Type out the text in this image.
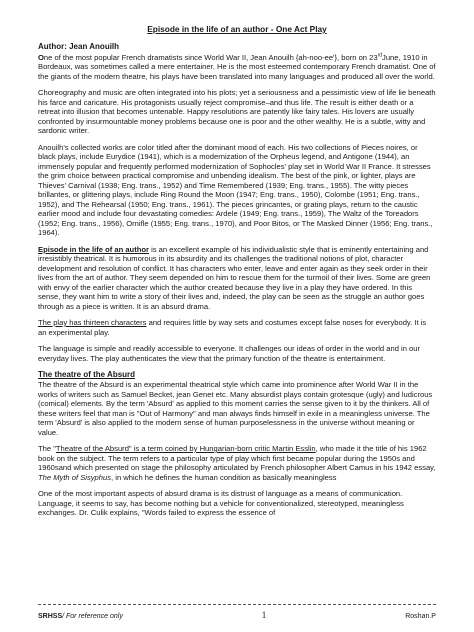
Episode in the life of an author - One Act Play

Author: Jean Anouilh

One of the most popular French dramatists since World War II, Jean Anouilh {ah-noo-ee'}, born on 23rdJune, 1910 in Bordeaux, was sometimes called a mere entertainer. He is the most esteemed contemporary French dramatist. One of the giants of the modern theatre, his plays have been translated into many languages and produced all over the world.

Choreography and music are often integrated into his plots; yet a seriousness and a pessimistic view of life lie beneath his farce and caricature. His protagonists usually reject compromise–and thus life. The result is either death or a retreat into illusion that becomes untenable. Happy resolutions are patently like fairy tales. His lovers are usually confronted by insurmountable money problems because one is poor and the other wealthy. He is a subtle, witty and sardonic writer.

Anouilh's collected works are color titled after the dominant mood of each. His two collections of Pieces noires, or black plays, include Eurydice (1941), which is a modernization of the Orpheus legend, and Antigone (1944), an immensely popular and frequently performed modernization of Sophocles' play set in World War II France. It stresses the grim choice between practical compromise and unbending idealism. The best of the pink, or lighter, plays are Thieves' Carnival (1938; Eng. trans., 1952) and Time Remembered (1939; Eng. trans., 1955). The witty pieces brillantes, or glittering plays, include Ring Round the Moon (1947; Eng. trans., 1950), Colombe (1951; Eng. trans., 1952), and The Rehearsal (1950; Eng. trans., 1961). The pieces grincantes, or grating plays, return to the caustic earlier mood and include four devastating comedies: Ardele (1949; Eng. trans., 1959), The Waltz of the Toreadors (1952; Eng. trans., 1956), Ornifle (1955; Eng. trans., 1970), and Poor Bitos, or The Masked Dinner (1956; Eng. trans., 1964).

Episode in the life of an author is an excellent example of his individualistic style that is eminently entertaining and irresistibly theatrical. It is humorous in its absurdity and its challenges the traditional notions of plot, character development and resolution of conflict. It has characters who enter, leave and enter again as they seek order in their lives from the art of author. They seem depended on him to rescue them for the turmoil of their lives. Some are green with envy of the earlier character which the author created because they live in a play they have ordered. In this sense, they want him to write a story of their lives and, indeed, the play can be seen as the struggle an author goes through as a piece is written. It is an absurd drama.

The play has thirteen characters and requires little by way sets and costumes except false noses for everybody. It is an experimental play.

The language is simple and readily accessible to everyone. It challenges our ideas of order in the world and in our everyday lives. The play authenticates the view that the primary function of the theatre is entertainment.

The theatre of the Absurd

The theatre of the Absurd is an experimental theatrical style which came into prominence after World War II in the works of writers such as Samuel Becket, jean Genet etc. Many absurdist plays contain grotesque (ugly) and ludicrous (comical) elements. By the term 'Absurd' as applied to this moment carries the sense given to it by the thinkers. All of these writers feel that man is "Out of Harmony" and man always finds himself in exile in a meaningless universe. The term 'Absurd' is also applied to the modern sense of human purposelessness in the universe without meaning or value.

The "Theatre of the Absurd" is a term coined by Hungarian-born critic Martin Esslin, who made it the title of his 1962 book on the subject. The term refers to a particular type of play which first became popular during the 1950s and 1960sand which presented on stage the philosophy articulated by French philosopher Albert Camus in his 1942 essay, The Myth of Sisyphus, in which he defines the human condition as basically meaningless

One of the most important aspects of absurd drama is its distrust of language as a means of communication. Language, it seems to say, has become nothing but a vehicle for conventionalized, stereotyped, meaningless exchanges. Dr. Culik explains, "Words failed to express the essence of

SRHSS/ For reference only	1	Roshan.P
